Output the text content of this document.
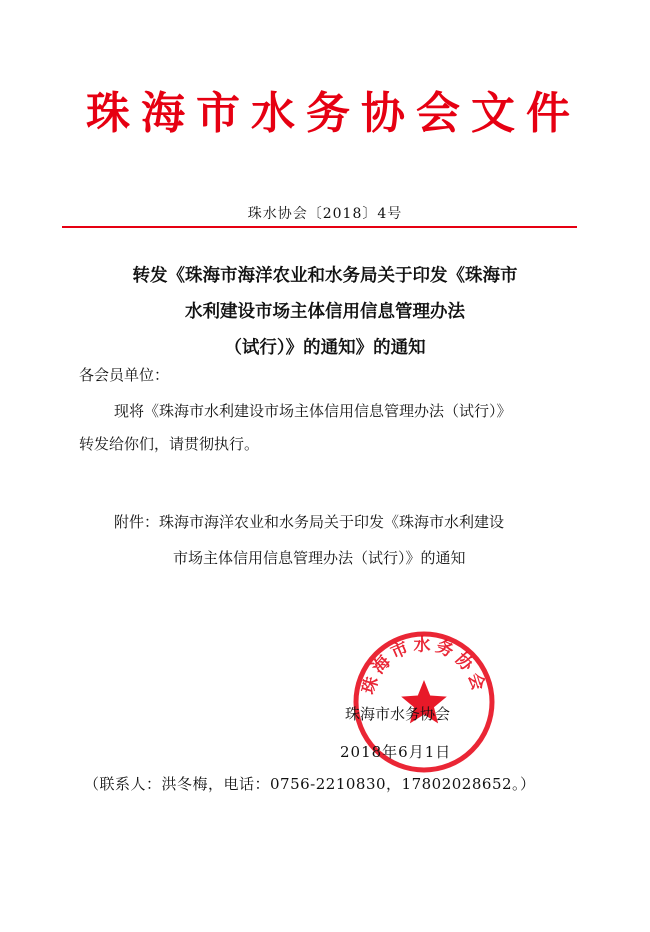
珠海市水务协会文件
珠水协会〔2018〕4号
转发《珠海市海洋农业和水务局关于印发《珠海市
水利建设市场主体信用信息管理办法
（试行）》的通知》的通知
各会员单位：
现将《珠海市水利建设市场主体信用信息管理办法（试行）》
转发给你们，请贯彻执行。
附件：珠海市海洋农业和水务局关于印发《珠海市水利建设
市场主体信用信息管理办法（试行）》的通知
珠海市水务协会
珠海市水务协会
2018年6月1日
（联系人：洪冬梅，电话：0756-2210830，17802028652。）
